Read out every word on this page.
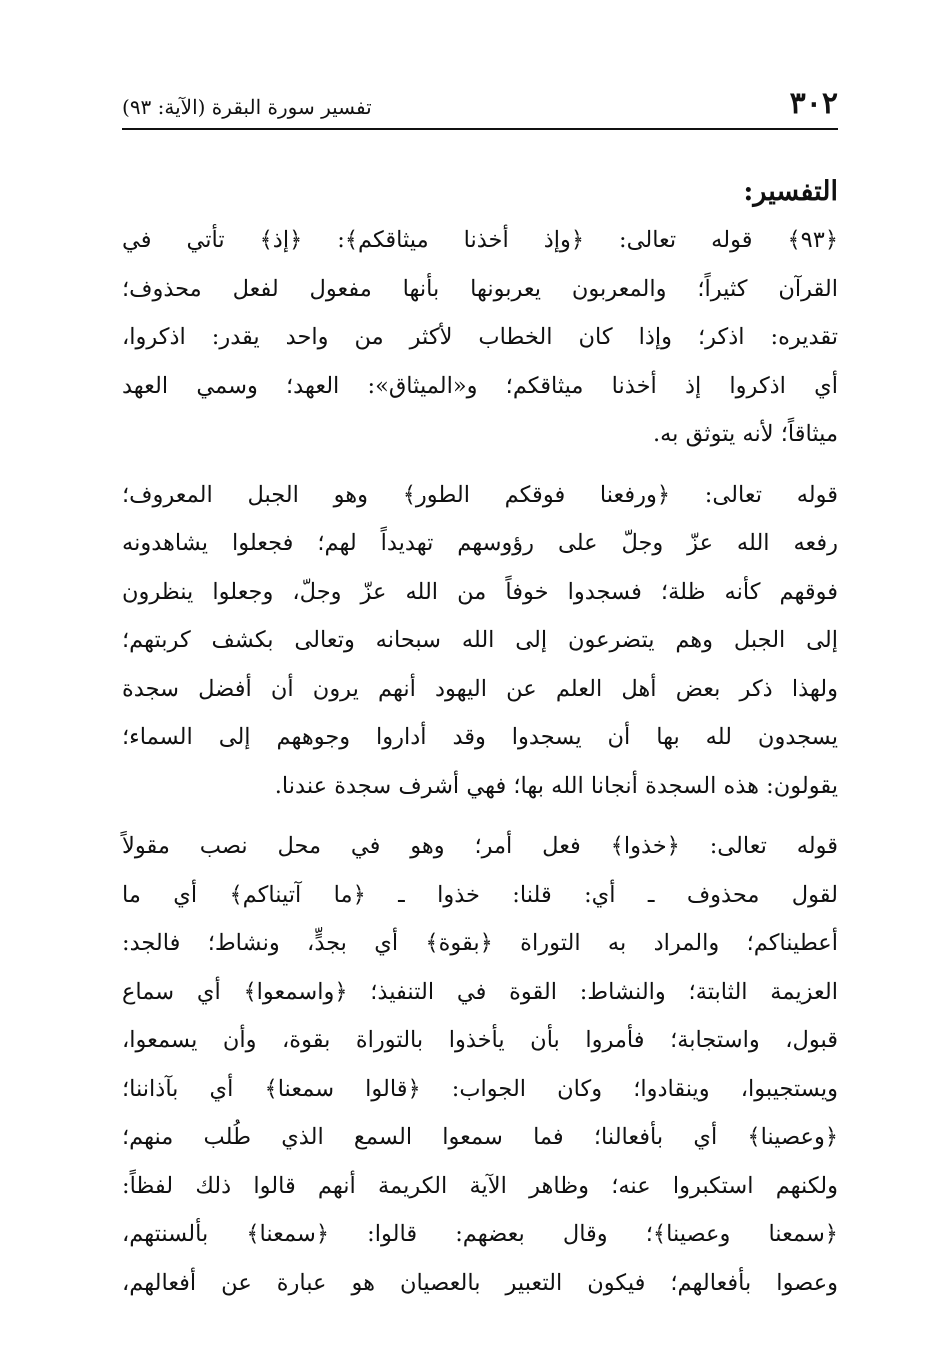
٣٠٢
تفسير سورة البقرة (الآية: ٩٣)
التفسير:
﴿٩٣﴾ قوله تعالى: ﴿وإذ أخذنا ميثاقكم﴾: ﴿إذ﴾ تأتي في
القرآن كثيراً؛ والمعربون يعربونها بأنها مفعول لفعل محذوف؛
تقديره: اذكر؛ وإذا كان الخطاب لأكثر من واحد يقدر: اذكروا،
أي اذكروا إذ أخذنا ميثاقكم؛ و«الميثاق»: العهد؛ وسمي العهد
ميثاقاً؛ لأنه يتوثق به.
قوله تعالى: ﴿ورفعنا فوقكم الطور﴾ وهو الجبل المعروف؛
رفعه الله عزّ وجلّ على رؤوسهم تهديداً لهم؛ فجعلوا يشاهدونه
فوقهم كأنه ظلة؛ فسجدوا خوفاً من الله عزّ وجلّ، وجعلوا ينظرون
إلى الجبل وهم يتضرعون إلى الله سبحانه وتعالى بكشف كربتهم؛
ولهذا ذكر بعض أهل العلم عن اليهود أنهم يرون أن أفضل سجدة
يسجدون لله بها أن يسجدوا وقد أداروا وجوههم إلى السماء؛
يقولون: هذه السجدة أنجانا الله بها؛ فهي أشرف سجدة عندنا.
قوله تعالى: ﴿خذوا﴾ فعل أمر؛ وهو في محل نصب مقولاً
لقول محذوف ـ أي: قلنا: خذوا ـ ﴿ما آتيناكم﴾ أي ما
أعطيناكم؛ والمراد به التوراة ﴿بقوة﴾ أي بجدٍّ، ونشاط؛ فالجد:
العزيمة الثابتة؛ والنشاط: القوة في التنفيذ؛ ﴿واسمعوا﴾ أي سماع
قبول، واستجابة؛ فأمروا بأن يأخذوا بالتوراة بقوة، وأن يسمعوا،
ويستجيبوا، وينقادوا؛ وكان الجواب: ﴿قالوا سمعنا﴾ أي بآذاننا؛
﴿وعصينا﴾ أي بأفعالنا؛ فما سمعوا السمع الذي طُلب منهم؛
ولكنهم استكبروا عنه؛ وظاهر الآية الكريمة أنهم قالوا ذلك لفظاً:
﴿سمعنا وعصينا﴾؛ وقال بعضهم: قالوا: ﴿سمعنا﴾ بألسنتهم،
وعصوا بأفعالهم؛ فيكون التعبير بالعصيان هو عبارة عن أفعالهم،
